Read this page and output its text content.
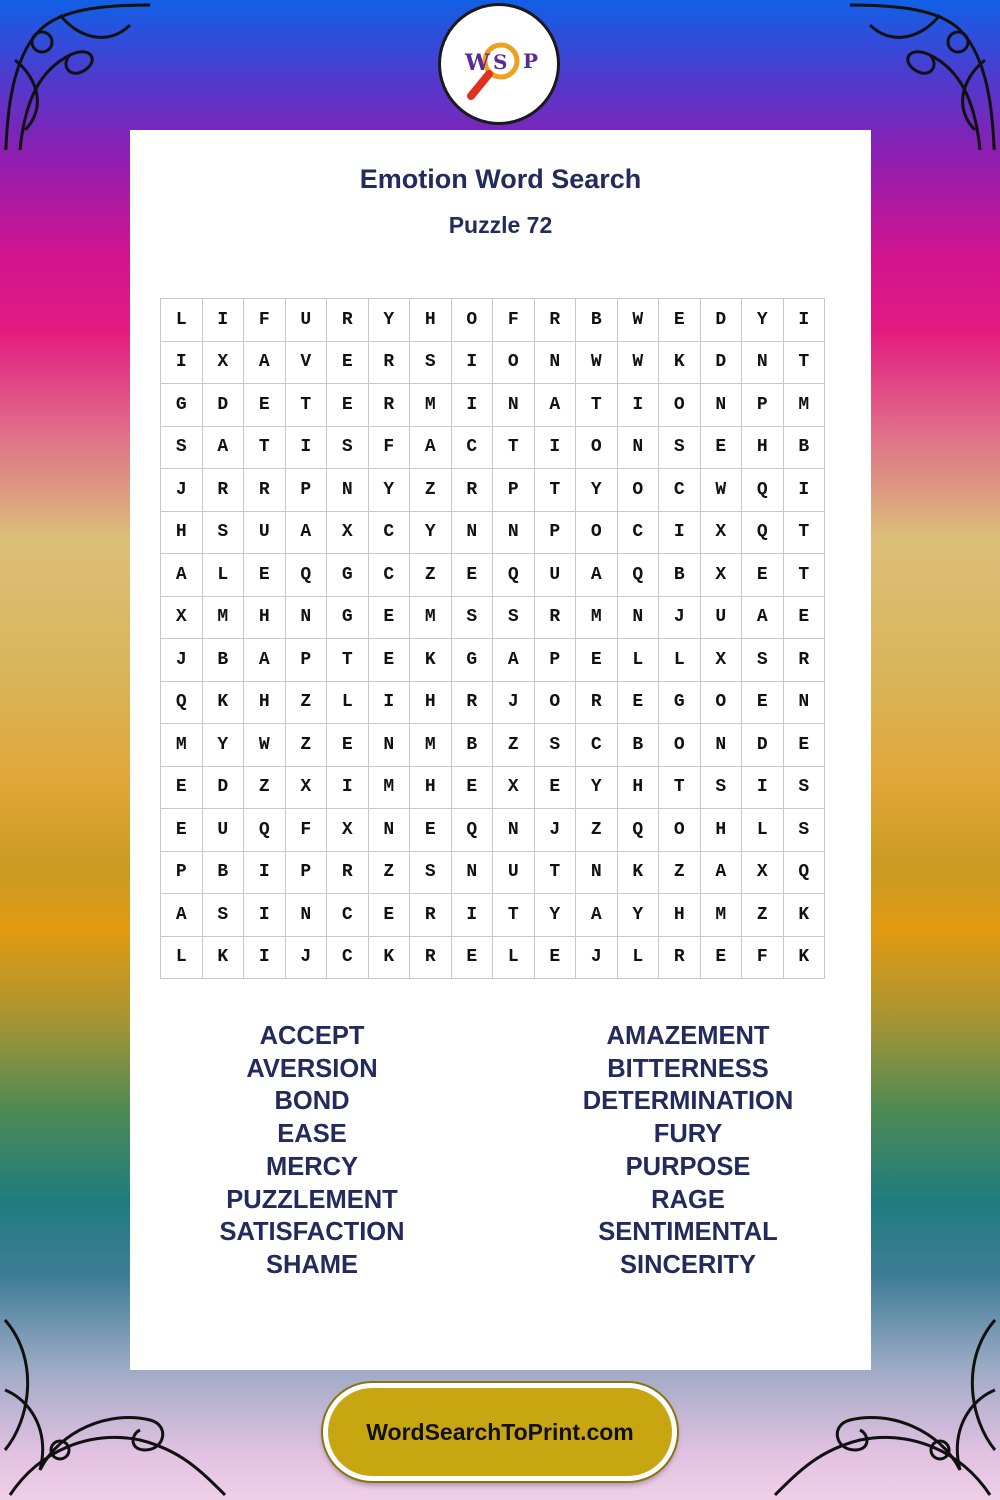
W S P
Emotion Word Search
Puzzle 72
L	I	F	U	R	Y	H	O	F	R	B	W	E	D	Y	I
I	X	A	V	E	R	S	I	O	N	W	W	K	D	N	T
G	D	E	T	E	R	M	I	N	A	T	I	O	N	P	M
S	A	T	I	S	F	A	C	T	I	O	N	S	E	H	B
J	R	R	P	N	Y	Z	R	P	T	Y	O	C	W	Q	I
H	S	U	A	X	C	Y	N	N	P	O	C	I	X	Q	T
A	L	E	Q	G	C	Z	E	Q	U	A	Q	B	X	E	T
X	M	H	N	G	E	M	S	S	R	M	N	J	U	A	E
J	B	A	P	T	E	K	G	A	P	E	L	L	X	S	R
Q	K	H	Z	L	I	H	R	J	O	R	E	G	O	E	N
M	Y	W	Z	E	N	M	B	Z	S	C	B	O	N	D	E
E	D	Z	X	I	M	H	E	X	E	Y	H	T	S	I	S
E	U	Q	F	X	N	E	Q	N	J	Z	Q	O	H	L	S
P	B	I	P	R	Z	S	N	U	T	N	K	Z	A	X	Q
A	S	I	N	C	E	R	I	T	Y	A	Y	H	M	Z	K
L	K	I	J	C	K	R	E	L	E	J	L	R	E	F	K
ACCEPT
AVERSION
BOND
EASE
MERCY
PUZZLEMENT
SATISFACTION
SHAME
AMAZEMENT
BITTERNESS
DETERMINATION
FURY
PURPOSE
RAGE
SENTIMENTAL
SINCERITY
WordSearchToPrint.com
